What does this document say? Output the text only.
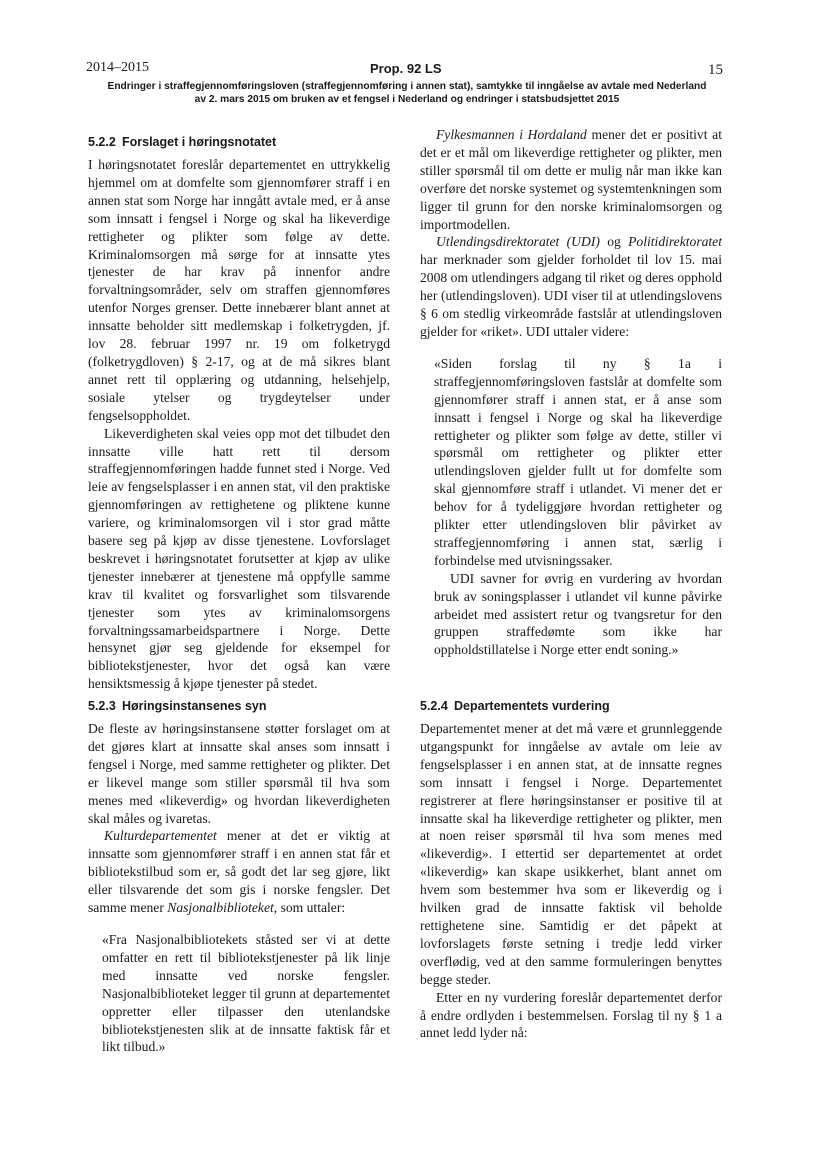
2014–2015	Prop. 92 LS	15
Endringer i straffegjennomføringsloven (straffegjennomføring i annen stat), samtykke til inngåelse av avtale med Nederland
av 2. mars 2015 om bruken av et fengsel i Nederland og endringer i statsbudsjettet 2015

5.2.2 Forslaget i høringsnotatet

I høringsnotatet foreslår departementet en uttrykkelig hjemmel om at domfelte som gjennomfører straff i en annen stat som Norge har inngått avtale med, er å anse som innsatt i fengsel i Norge og skal ha likeverdige rettigheter og plikter som følge av dette. Kriminalomsorgen må sørge for at innsatte ytes tjenester de har krav på innenfor andre forvaltningsområder, selv om straffen gjennomføres utenfor Norges grenser. Dette innebærer blant annet at innsatte beholder sitt medlemskap i folketrygden, jf. lov 28. februar 1997 nr. 19 om folketrygd (folketrygdloven) § 2-17, og at de må sikres blant annet rett til opplæring og utdanning, helsehjelp, sosiale ytelser og trygdeytelser under fengselsoppholdet.

Likeverdigheten skal veies opp mot det tilbudet den innsatte ville hatt rett til dersom straffegjennomføringen hadde funnet sted i Norge. Ved leie av fengselsplasser i en annen stat, vil den praktiske gjennomføringen av rettighetene og pliktene kunne variere, og kriminalomsorgen vil i stor grad måtte basere seg på kjøp av disse tjenestene. Lovforslaget beskrevet i høringsnotatet forutsetter at kjøp av ulike tjenester innebærer at tjenestene må oppfylle samme krav til kvalitet og forsvarlighet som tilsvarende tjenester som ytes av kriminalomsorgens forvaltningssamarbeidspartnere i Norge. Dette hensynet gjør seg gjeldende for eksempel for bibliotekstjenester, hvor det også kan være hensiktsmessig å kjøpe tjenester på stedet.

5.2.3 Høringsinstansenes syn

De fleste av høringsinstansene støtter forslaget om at det gjøres klart at innsatte skal anses som innsatt i fengsel i Norge, med samme rettigheter og plikter. Det er likevel mange som stiller spørsmål til hva som menes med «likeverdig» og hvordan likeverdigheten skal måles og ivaretas.

Kulturdepartementet mener at det er viktig at innsatte som gjennomfører straff i en annen stat får et bibliotekstilbud som er, så godt det lar seg gjøre, likt eller tilsvarende det som gis i norske fengsler. Det samme mener Nasjonalbiblioteket, som uttaler:

«Fra Nasjonalbibliotekets ståsted ser vi at dette omfatter en rett til bibliotekstjenester på lik linje med innsatte ved norske fengsler. Nasjonalbiblioteket legger til grunn at departementet oppretter eller tilpasser den utenlandske bibliotekstjenesten slik at de innsatte faktisk får et likt tilbud.»

Fylkesmannen i Hordaland mener det er positivt at det er et mål om likeverdige rettigheter og plikter, men stiller spørsmål til om dette er mulig når man ikke kan overføre det norske systemet og systemtenkningen som ligger til grunn for den norske kriminalomsorgen og importmodellen.

Utlendingsdirektoratet (UDI) og Politidirektoratet har merknader som gjelder forholdet til lov 15. mai 2008 om utlendingers adgang til riket og deres opphold her (utlendingsloven). UDI viser til at utlendingslovens § 6 om stedlig virkeområde fastslår at utlendingsloven gjelder for «riket». UDI uttaler videre:

«Siden forslag til ny § 1a i straffegjennomføringsloven fastslår at domfelte som gjennomfører straff i annen stat, er å anse som innsatt i fengsel i Norge og skal ha likeverdige rettigheter og plikter som følge av dette, stiller vi spørsmål om rettigheter og plikter etter utlendingsloven gjelder fullt ut for domfelte som skal gjennomføre straff i utlandet. Vi mener det er behov for å tydeliggjøre hvordan rettigheter og plikter etter utlendingsloven blir påvirket av straffegjennomføring i annen stat, særlig i forbindelse med utvisningssaker.

UDI savner for øvrig en vurdering av hvordan bruk av soningsplasser i utlandet vil kunne påvirke arbeidet med assistert retur og tvangsretur for den gruppen straffedømte som ikke har oppholdstillatelse i Norge etter endt soning.»

5.2.4 Departementets vurdering

Departementet mener at det må være et grunnleggende utgangspunkt for inngåelse av avtale om leie av fengselsplasser i en annen stat, at de innsatte regnes som innsatt i fengsel i Norge. Departementet registrerer at flere høringsinstanser er positive til at innsatte skal ha likeverdige rettigheter og plikter, men at noen reiser spørsmål til hva som menes med «likeverdig». I ettertid ser departementet at ordet «likeverdig» kan skape usikkerhet, blant annet om hvem som bestemmer hva som er likeverdig og i hvilken grad de innsatte faktisk vil beholde rettighetene sine. Samtidig er det påpekt at lovforslagets første setning i tredje ledd virker overflødig, ved at den samme formuleringen benyttes begge steder.

Etter en ny vurdering foreslår departementet derfor å endre ordlyden i bestemmelsen. Forslag til ny § 1 a annet ledd lyder nå:
